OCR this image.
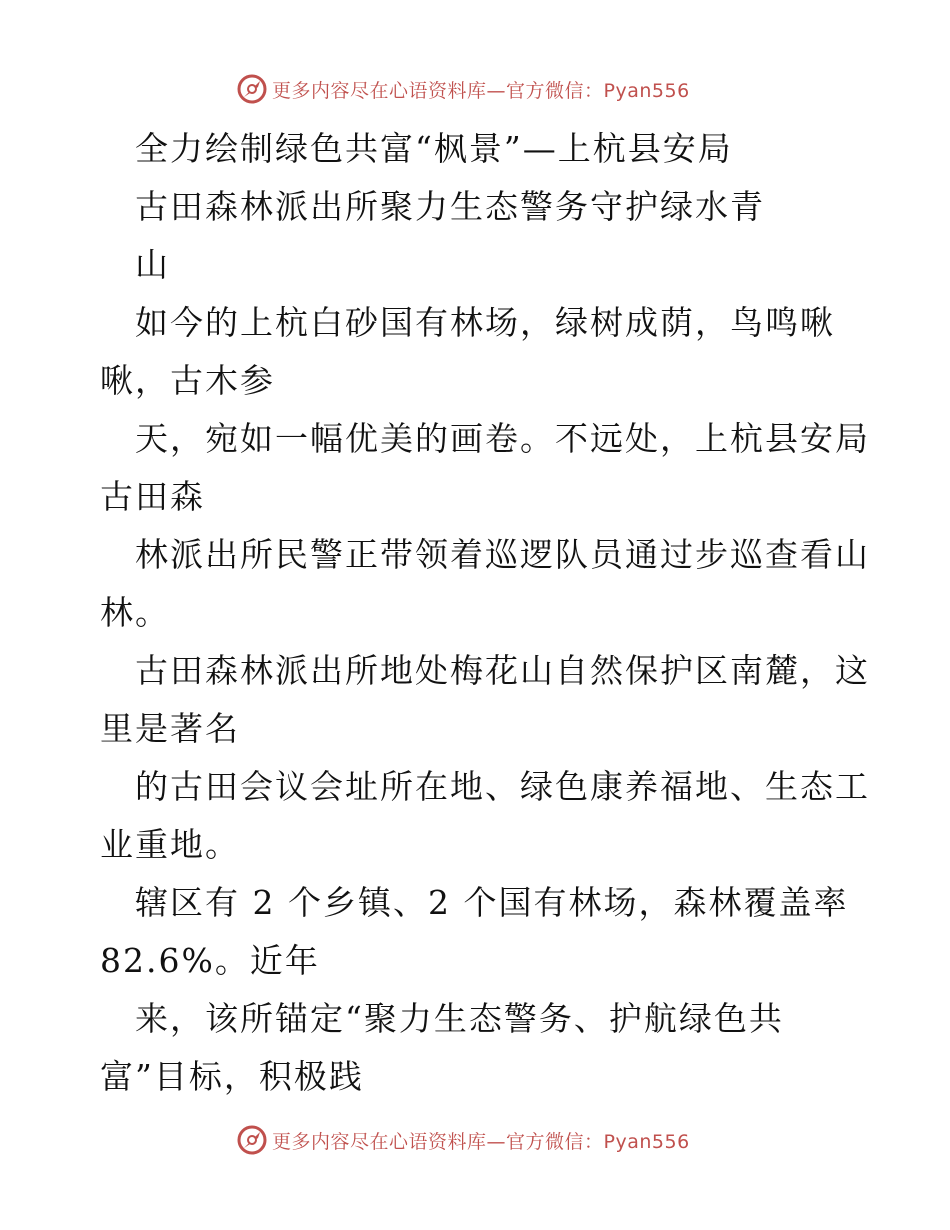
更多内容尽在心语资料库—官方微信：Pyan556
全力绘制绿色共富“枫景”—上杭县安局
古田森林派出所聚力生态警务守护绿水青
山
如今的上杭白砂国有林场，绿树成荫，鸟鸣啾
啾，古木参
天，宛如一幅优美的画卷。不远处，上杭县安局
古田森
林派出所民警正带领着巡逻队员通过步巡查看山
林。
古田森林派出所地处梅花山自然保护区南麓，这
里是著名
的古田会议会址所在地、绿色康养福地、生态工
业重地。
辖区有 2 个乡镇、2 个国有林场，森林覆盖率
82.6%。近年
来，该所锚定“聚力生态警务、护航绿色共
富”目标，积极践
更多内容尽在心语资料库—官方微信：Pyan556
